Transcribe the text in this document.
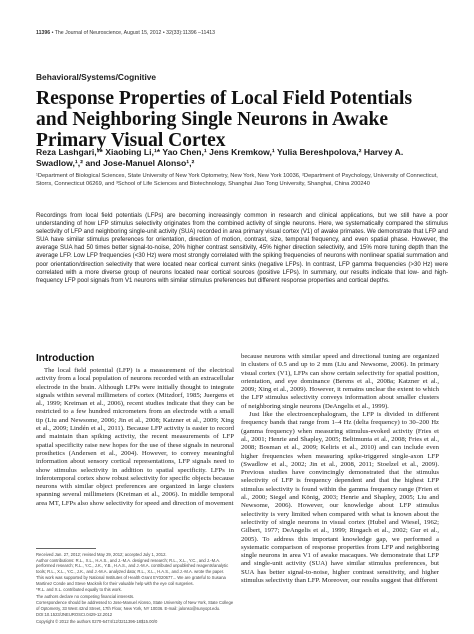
11396 • The Journal of Neuroscience, August 15, 2012 • 32(33):11396 –11413
Behavioral/Systems/Cognitive
Response Properties of Local Field Potentials and Neighboring Single Neurons in Awake Primary Visual Cortex
Reza Lashgari,¹* Xiaobing Li,¹* Yao Chen,¹ Jens Kremkow,¹ Yulia Bereshpolova,² Harvey A. Swadlow,¹,² and Jose-Manuel Alonso¹,²
¹Department of Biological Sciences, State University of New York Optometry, New York, New York 10036, ²Department of Psychology, University of Connecticut, Storrs, Connecticut 06269, and ³School of Life Sciences and Biotechnology, Shanghai Jiao Tong University, Shanghai, China 200240
Recordings from local field potentials (LFPs) are becoming increasingly common in research and clinical applications, but we still have a poor understanding of how LFP stimulus selectivity originates from the combined activity of single neurons. Here, we systematically compared the stimulus selectivity of LFP and neighboring single-unit activity (SUA) recorded in area primary visual cortex (V1) of awake primates. We demonstrate that LFP and SUA have similar stimulus preferences for orientation, direction of motion, contrast, size, temporal frequency, and even spatial phase. However, the average SUA had 50 times better signal-to-noise, 20% higher contrast sensitivity, 45% higher direction selectivity, and 15% more tuning depth than the average LFP. Low LFP frequencies (<30 Hz) were most strongly correlated with the spiking frequencies of neurons with nonlinear spatial summation and poor orientation/direction selectivity that were located near cortical current sinks (negative LFPs). In contrast, LFP gamma frequencies (>30 Hz) were correlated with a more diverse group of neurons located near cortical sources (positive LFPs). In summary, our results indicate that low- and high-frequency LFP pool signals from V1 neurons with similar stimulus preferences but different response properties and cortical depths.
Introduction

The local field potential (LFP) is a measurement of the electrical activity from a local population of neurons recorded with an extracellular electrode in the brain. Although LFPs were initially thought to integrate signals within several millimeters of cortex (Mitzdorf, 1985; Juergens et al., 1999; Kreiman et al., 2006), recent studies indicate that they can be restricted to a few hundred micrometers from an electrode with a small tip (Liu and Newsome, 2006; Jin et al., 2008; Katzner et al., 2009; Xing et al., 2009; Lindén et al., 2011). Because LFP activity is easier to record and maintain than spiking activity, the recent measurements of LFP spatial specificity raise new hopes for the use of these signals in neuronal prosthetics (Andersen et al., 2004). However, to convey meaningful information about sensory cortical representations, LFP signals need to show stimulus selectivity in addition to spatial specificity. LFPs in inferotemporal cortex show robust selectivity for specific objects because neurons with similar object preferences are organized in large clusters spanning several millimeters (Kreiman et al., 2006). In middle temporal area MT, LFPs also show selectivity for speed and direction of movement

because neurons with similar speed and directional tuning are organized in clusters of 0.5 and up to 2 mm (Liu and Newsome, 2006). In primary visual cortex (V1), LFPs can show certain selectivity for spatial position, orientation, and eye dominance (Berens et al., 2008a; Katzner et al., 2009; Xing et al., 2009). However, it remains unclear the extent to which the LFP stimulus selectivity conveys information about smaller clusters of neighboring single neurons (DeAngelis et al., 1999).

Just like the electroencephalogram, the LFP is divided in different frequency bands that range from 1–4 Hz (delta frequency) to 30–200 Hz (gamma frequency) when measuring stimulus-evoked activity (Fries et al., 2001; Henrie and Shapley, 2005; Belitmunta et al., 2008; Fries et al., 2008; Bosman et al., 2009; Keliris et al., 2010) and can include even higher frequencies when measuring spike-triggered single-axon LFP (Swadlow et al., 2002; Jin et al., 2008, 2011; Stoelzel et al., 2009). Previous studies have convincingly demonstrated that the stimulus selectivity of LFP is frequency dependent and that the highest LFP stimulus selectivity is found within the gamma frequency range (Frien et al., 2000; Siegel and König, 2003; Henrie and Shapley, 2005; Liu and Newsome, 2006). However, our knowledge about LFP stimulus selectivity is very limited when compared with what is known about the selectivity of single neurons in visual cortex (Hubel and Wiesel, 1962; Gilbert, 1977; DeAngelis et al., 1999; Ringach et al., 2002; Gur et al., 2005). To address this important knowledge gap, we performed a systematic comparison of response properties from LFP and neighboring single neurons in area V1 of awake macaques. We demonstrate that LFP and single-unit activity (SUA) have similar stimulus preferences, but SUA has better signal-to-noise, higher contrast sensitivity, and higher stimulus selectivity than LFP. Moreover, our results suggest that different

Received Jan. 27, 2012; revised May 29, 2012; accepted July 1, 2012.

Author contributions: R.L., X.L., H.A.S., and J.-M.A. designed research; R.L., X.L., Y.C., and J.-M.A. performed research; R.L., Y.C., J.K., Y.B., H.A.S., and J.-M.A. contributed unpublished reagents/analytic tools; R.L., X.L., Y.C., J.K., and J.-M.A. analyzed data; R.L., X.L., H.A.S., and J.-M.A. wrote the paper.

This work was supported by National Institutes of Health Grant EY020677... We are grateful to Susana Martinez Conde and Steve Macknik for their valuable help with the eye coil surgeries.

*R.L. and X.L. contributed equally to this work.

The authors declare no competing financial interests.

Correspondence should be addressed to Jose-Manuel Alonso, State University of New York, State College of Optometry, 33 West 42nd Street, 17th Floor, New York, NY 10036. E-mail: jalonso@sunyopt.edu.

DOI:10.1523/JNEUROSCI.0429-12.2012

Copyright © 2012 the authors 0270-6474/12/3211396-18$15.00/0
